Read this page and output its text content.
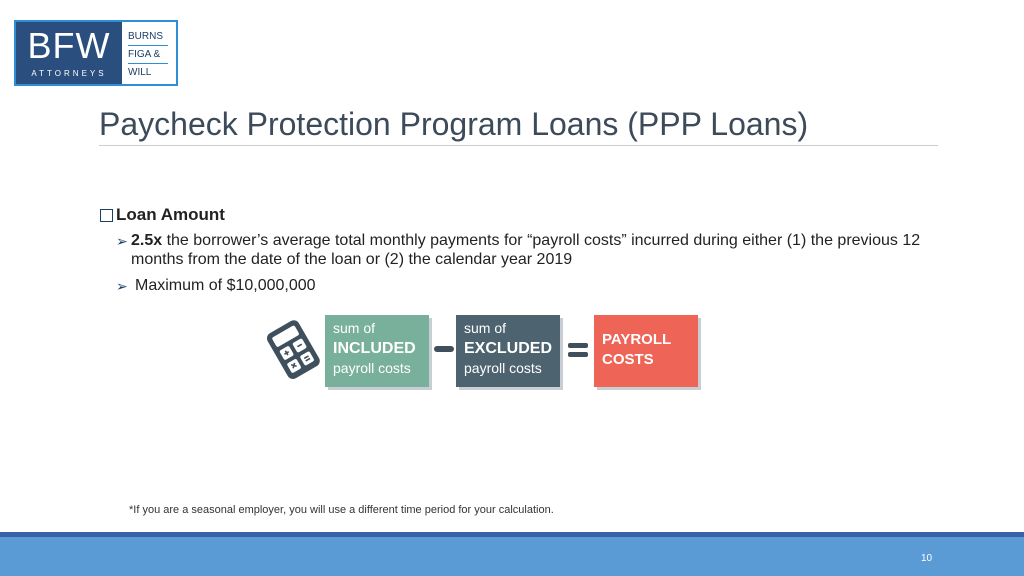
BFW
ATTORNEYS
BURNS
FIGA &
WILL
Paycheck Protection Program Loans (PPP Loans)
Loan Amount
➢ 2.5x the borrower’s average total monthly payments for “payroll costs” incurred during either (1) the previous 12 months from the date of the loan or (2) the calendar year 2019
➢ Maximum of $10,000,000
sum of
INCLUDED
payroll costs
sum of
EXCLUDED
payroll costs
PAYROLL
COSTS
*If you are a seasonal employer, you will use a different time period for your calculation.
10
